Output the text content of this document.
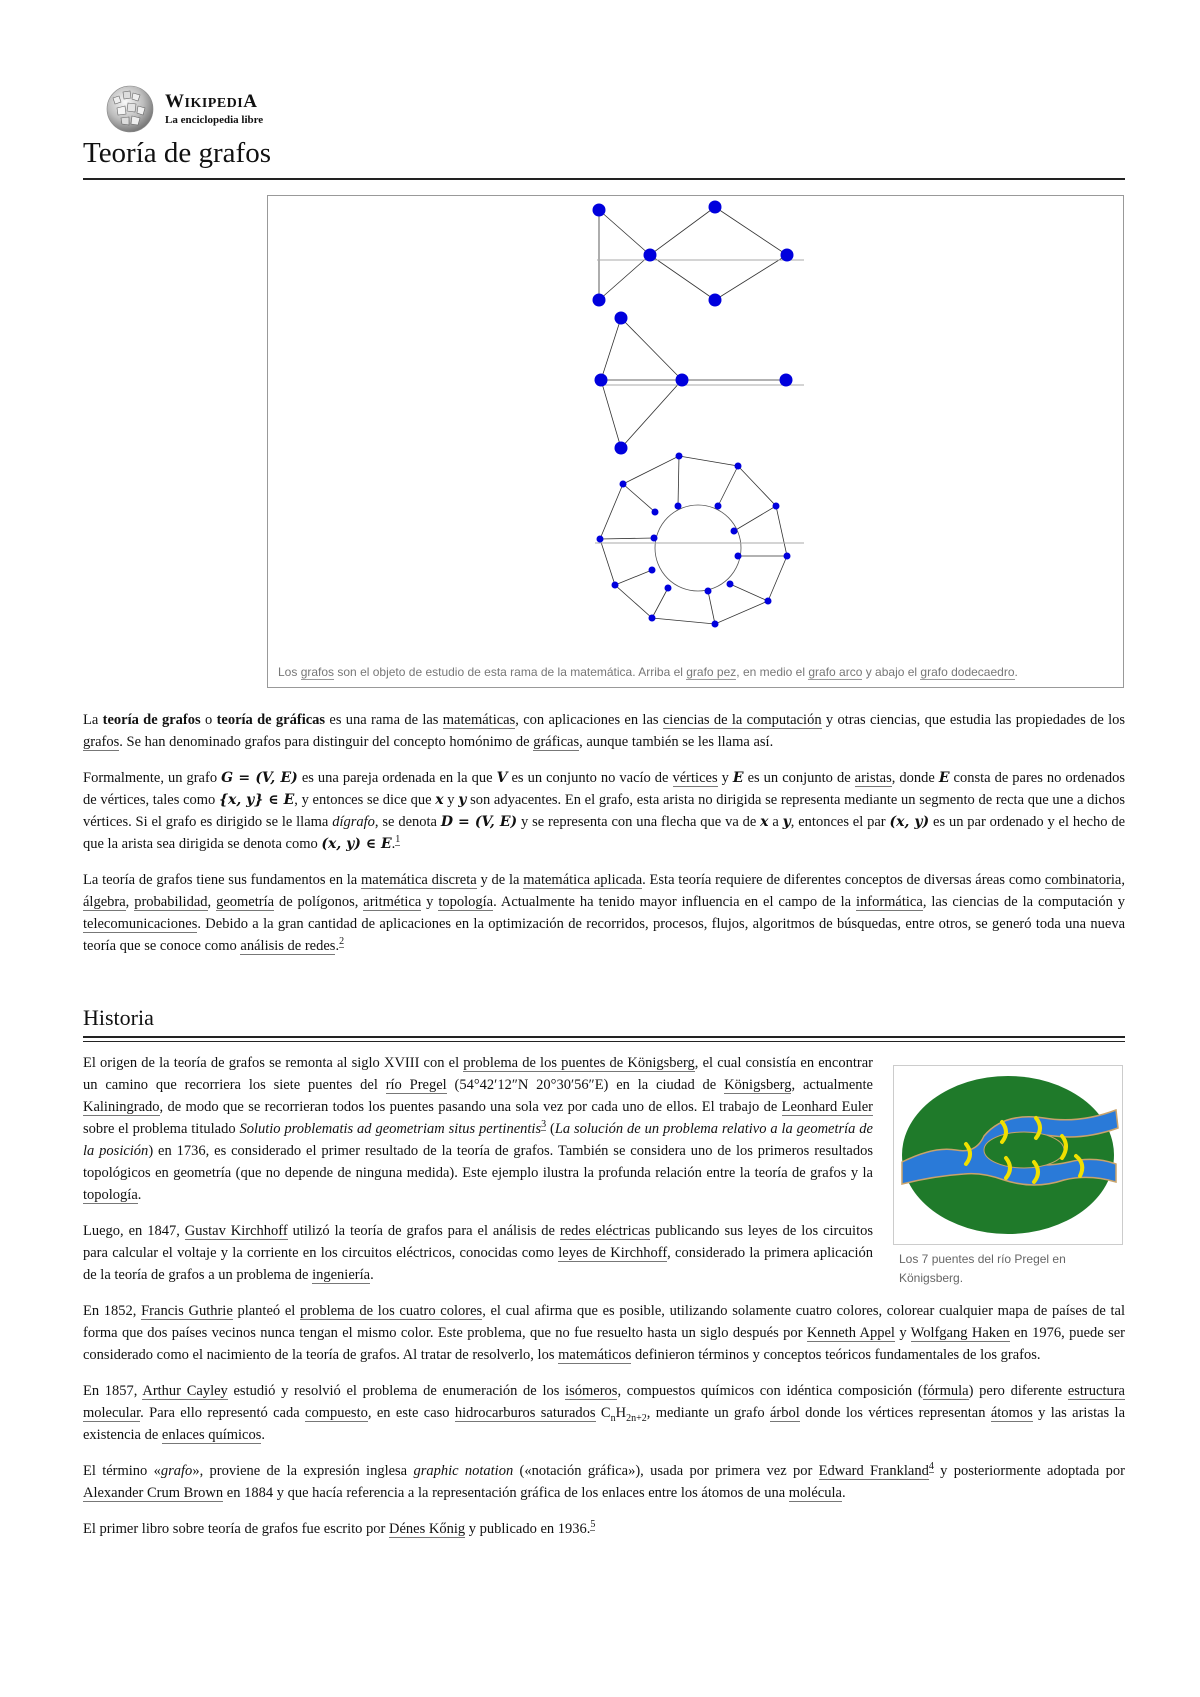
WIKIPEDIA
La enciclopedia libre
Teoría de grafos
Los grafos son el objeto de estudio de esta rama de la matemática. Arriba el grafo pez, en medio el grafo arco y abajo el grafo dodecaedro.

La teoría de grafos o teoría de gráficas es una rama de las matemáticas, con aplicaciones en las ciencias de la computación y otras ciencias, que estudia las propiedades de los grafos. Se han denominado grafos para distinguir del concepto homónimo de gráficas, aunque también se les llama así.

Formalmente, un grafo G = (V, E) es una pareja ordenada en la que V es un conjunto no vacío de vértices y E es un conjunto de aristas, donde E consta de pares no ordenados de vértices, tales como {x, y} ∈ E, y entonces se dice que x y y son adyacentes. En el grafo, esta arista no dirigida se representa mediante un segmento de recta que une a dichos vértices. Si el grafo es dirigido se le llama dígrafo, se denota D = (V, E) y se representa con una flecha que va de x a y, entonces el par (x, y) es un par ordenado y el hecho de que la arista sea dirigida se denota como (x, y) ∈ E.$^1$

La teoría de grafos tiene sus fundamentos en la matemática discreta y de la matemática aplicada. Esta teoría requiere de diferentes conceptos de diversas áreas como combinatoria, álgebra, probabilidad, geometría de polígonos, aritmética y topología. Actualmente ha tenido mayor influencia en el campo de la informática, las ciencias de la computación y telecomunicaciones. Debido a la gran cantidad de aplicaciones en la optimización de recorridos, procesos, flujos, algoritmos de búsquedas, entre otros, se generó toda una nueva teoría que se conoce como análisis de redes.$^2$

Historia
Los 7 puentes del río Pregel en Königsberg.

El origen de la teoría de grafos se remonta al siglo XVIII con el problema de los puentes de Königsberg, el cual consistía en encontrar un camino que recorriera los siete puentes del río Pregel (54°42′12″N 20°30′56″E) en la ciudad de Königsberg, actualmente Kaliningrado, de modo que se recorrieran todos los puentes pasando una sola vez por cada uno de ellos. El trabajo de Leonhard Euler sobre el problema titulado Solutio problematis ad geometriam situs pertinentis$^3$ (La solución de un problema relativo a la geometría de la posición) en 1736, es considerado el primer resultado de la teoría de grafos. También se considera uno de los primeros resultados topológicos en geometría (que no depende de ninguna medida). Este ejemplo ilustra la profunda relación entre la teoría de grafos y la topología.

Luego, en 1847, Gustav Kirchhoff utilizó la teoría de grafos para el análisis de redes eléctricas publicando sus leyes de los circuitos para calcular el voltaje y la corriente en los circuitos eléctricos, conocidas como leyes de Kirchhoff, considerado la primera aplicación de la teoría de grafos a un problema de ingeniería.

En 1852, Francis Guthrie planteó el problema de los cuatro colores, el cual afirma que es posible, utilizando solamente cuatro colores, colorear cualquier mapa de países de tal forma que dos países vecinos nunca tengan el mismo color. Este problema, que no fue resuelto hasta un siglo después por Kenneth Appel y Wolfgang Haken en 1976, puede ser considerado como el nacimiento de la teoría de grafos. Al tratar de resolverlo, los matemáticos definieron términos y conceptos teóricos fundamentales de los grafos.

En 1857, Arthur Cayley estudió y resolvió el problema de enumeración de los isómeros, compuestos químicos con idéntica composición (fórmula) pero diferente estructura molecular. Para ello representó cada compuesto, en este caso hidrocarburos saturados $C_nH_{2n+2}$, mediante un grafo árbol donde los vértices representan átomos y las aristas la existencia de enlaces químicos.

El término «grafo», proviene de la expresión inglesa graphic notation («notación gráfica»), usada por primera vez por Edward Frankland$^4$ y posteriormente adoptada por Alexander Crum Brown en 1884 y que hacía referencia a la representación gráfica de los enlaces entre los átomos de una molécula.

El primer libro sobre teoría de grafos fue escrito por Dénes Kőnig y publicado en 1936.$^5$
